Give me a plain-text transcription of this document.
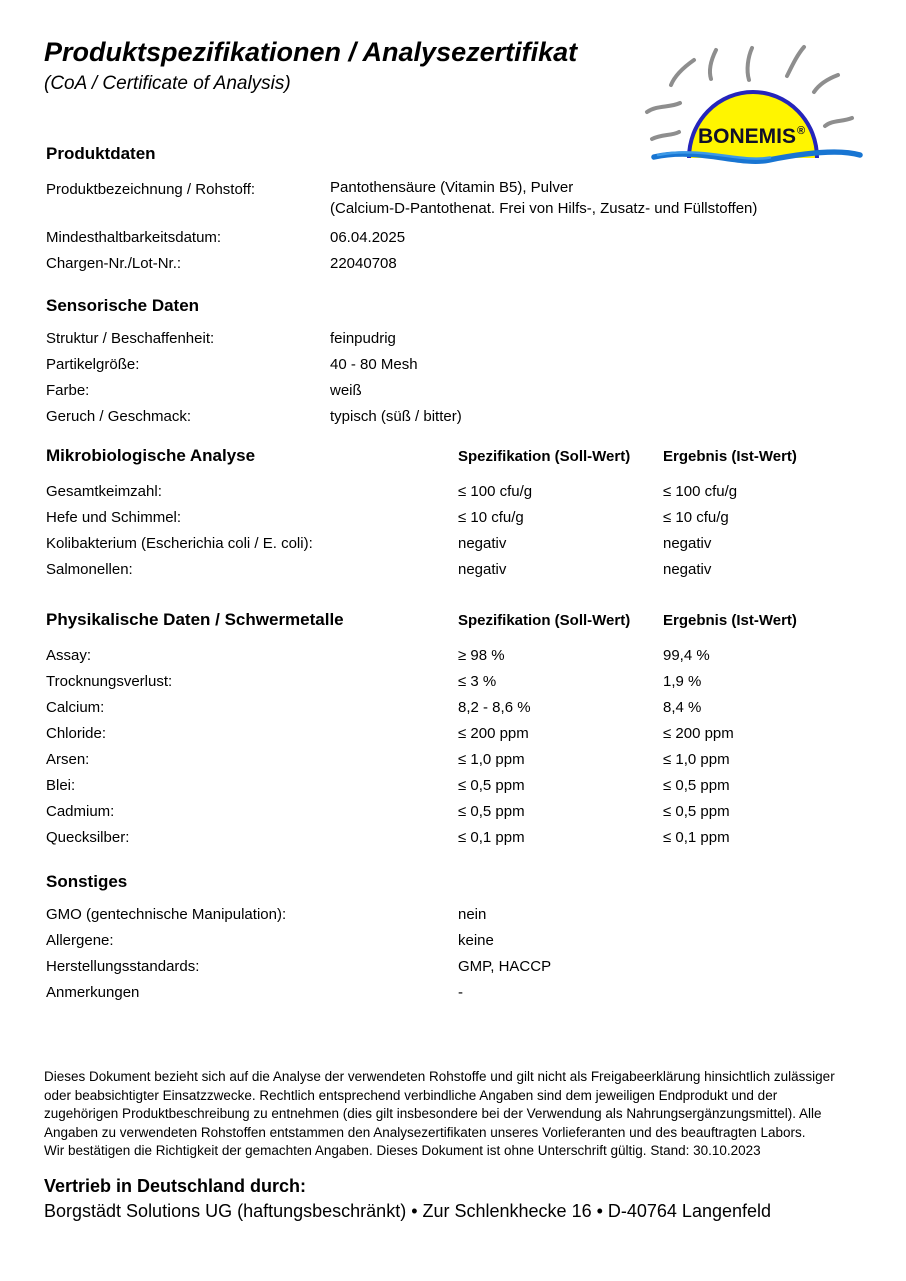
Produktspezifikationen / Analysezertifikat
(CoA / Certificate of Analysis)
BONEMIS ®
Produktdaten
Produktbezeichnung / Rohstoff:	Pantothensäure (Vitamin B5), Pulver
(Calcium-D-Pantothenat. Frei von Hilfs-, Zusatz- und Füllstoffen)
Mindesthaltbarkeitsdatum:	06.04.2025
Chargen-Nr./Lot-Nr.:	22040708
Sensorische Daten
Struktur / Beschaffenheit:	feinpudrig
Partikelgröße:	40 - 80 Mesh
Farbe:	weiß
Geruch / Geschmack:	typisch (süß / bitter)
Mikrobiologische Analyse	Spezifikation (Soll-Wert)	Ergebnis (Ist-Wert)
Gesamtkeimzahl:	≤ 100 cfu/g	≤ 100 cfu/g
Hefe und Schimmel:	≤ 10 cfu/g	≤ 10 cfu/g
Kolibakterium (Escherichia coli / E. coli):	negativ	negativ
Salmonellen:	negativ	negativ
Physikalische Daten / Schwermetalle	Spezifikation (Soll-Wert)	Ergebnis (Ist-Wert)
Assay:	≥ 98 %	99,4 %
Trocknungsverlust:	≤ 3 %	1,9 %
Calcium:	8,2 - 8,6 %	8,4 %
Chloride:	≤ 200 ppm	≤ 200 ppm
Arsen:	≤ 1,0 ppm	≤ 1,0 ppm
Blei:	≤ 0,5 ppm	≤ 0,5 ppm
Cadmium:	≤ 0,5 ppm	≤ 0,5 ppm
Quecksilber:	≤ 0,1 ppm	≤ 0,1 ppm
Sonstiges
GMO (gentechnische Manipulation):	nein
Allergene:	keine
Herstellungsstandards:	GMP, HACCP
Anmerkungen	-
Dieses Dokument bezieht sich auf die Analyse der verwendeten Rohstoffe und gilt nicht als Freigabeerklärung hinsichtlich zulässiger
oder beabsichtigter Einsatzzwecke. Rechtlich entsprechend verbindliche Angaben sind dem jeweiligen Endprodukt und der
zugehörigen Produktbeschreibung zu entnehmen (dies gilt insbesondere bei der Verwendung als Nahrungsergänzungsmittel). Alle
Angaben zu verwendeten Rohstoffen entstammen den Analysezertifikaten unseres Vorlieferanten und des beauftragten Labors.
Wir bestätigen die Richtigkeit der gemachten Angaben. Dieses Dokument ist ohne Unterschrift gültig. Stand: 30.10.2023
Vertrieb in Deutschland durch:
Borgstädt Solutions UG (haftungsbeschränkt) • Zur Schlenkhecke 16 • D-40764 Langenfeld
